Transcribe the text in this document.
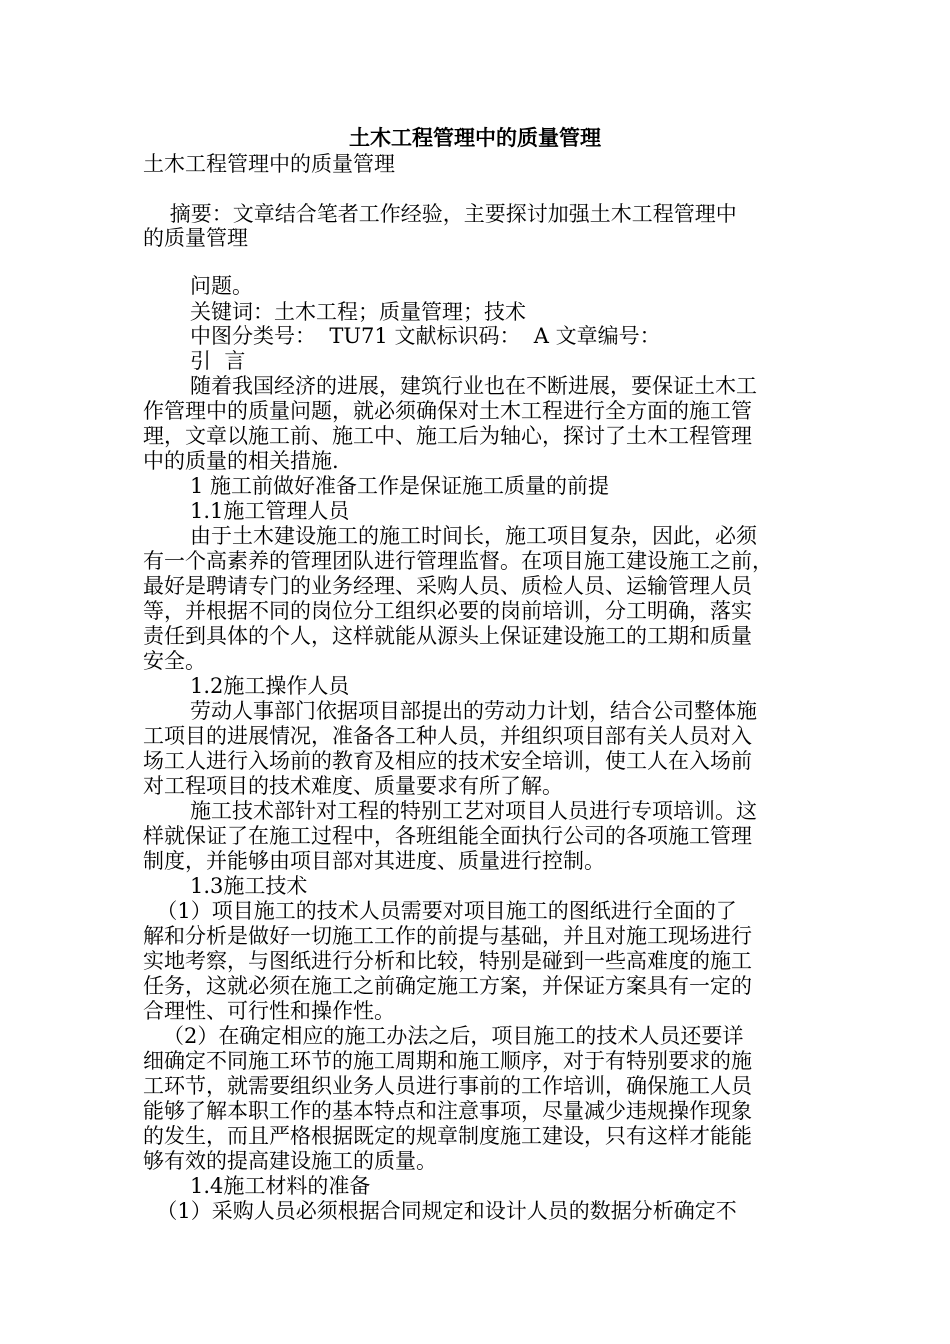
土木工程管理中的质量管理
土木工程管理中的质量管理
摘要：文章结合笔者工作经验，主要探讨加强土木工程管理中
的质量管理
问题。
关键词：土木工程；质量管理；技术
中图分类号：  TU71 文献标识码：  A 文章编号：
引  言
随着我国经济的进展，建筑行业也在不断进展，要保证土木工
作管理中的质量问题，就必须确保对土木工程进行全方面的施工管
理，文章以施工前、施工中、施工后为轴心，探讨了土木工程管理
中的质量的相关措施.
1 施工前做好准备工作是保证施工质量的前提
1.1施工管理人员
由于土木建设施工的施工时间长，施工项目复杂，因此，必须
有一个高素养的管理团队进行管理监督。在项目施工建设施工之前，
最好是聘请专门的业务经理、采购人员、质检人员、运输管理人员
等，并根据不同的岗位分工组织必要的岗前培训，分工明确，落实
责任到具体的个人，这样就能从源头上保证建设施工的工期和质量
安全。
1.2施工操作人员
劳动人事部门依据项目部提出的劳动力计划，结合公司整体施
工项目的进展情况，准备各工种人员，并组织项目部有关人员对入
场工人进行入场前的教育及相应的技术安全培训，使工人在入场前
对工程项目的技术难度、质量要求有所了解。
施工技术部针对工程的特别工艺对项目人员进行专项培训。这
样就保证了在施工过程中，各班组能全面执行公司的各项施工管理
制度，并能够由项目部对其进度、质量进行控制。
1.3施工技术
（1）项目施工的技术人员需要对项目施工的图纸进行全面的了
解和分析是做好一切施工工作的前提与基础，并且对施工现场进行
实地考察，与图纸进行分析和比较，特别是碰到一些高难度的施工
任务，这就必须在施工之前确定施工方案，并保证方案具有一定的
合理性、可行性和操作性。
（2）在确定相应的施工办法之后，项目施工的技术人员还要详
细确定不同施工环节的施工周期和施工顺序，对于有特别要求的施
工环节，就需要组织业务人员进行事前的工作培训，确保施工人员
能够了解本职工作的基本特点和注意事项，尽量减少违规操作现象
的发生，而且严格根据既定的规章制度施工建设，只有这样才能能
够有效的提高建设施工的质量。
1.4施工材料的准备
（1）采购人员必须根据合同规定和设计人员的数据分析确定不
